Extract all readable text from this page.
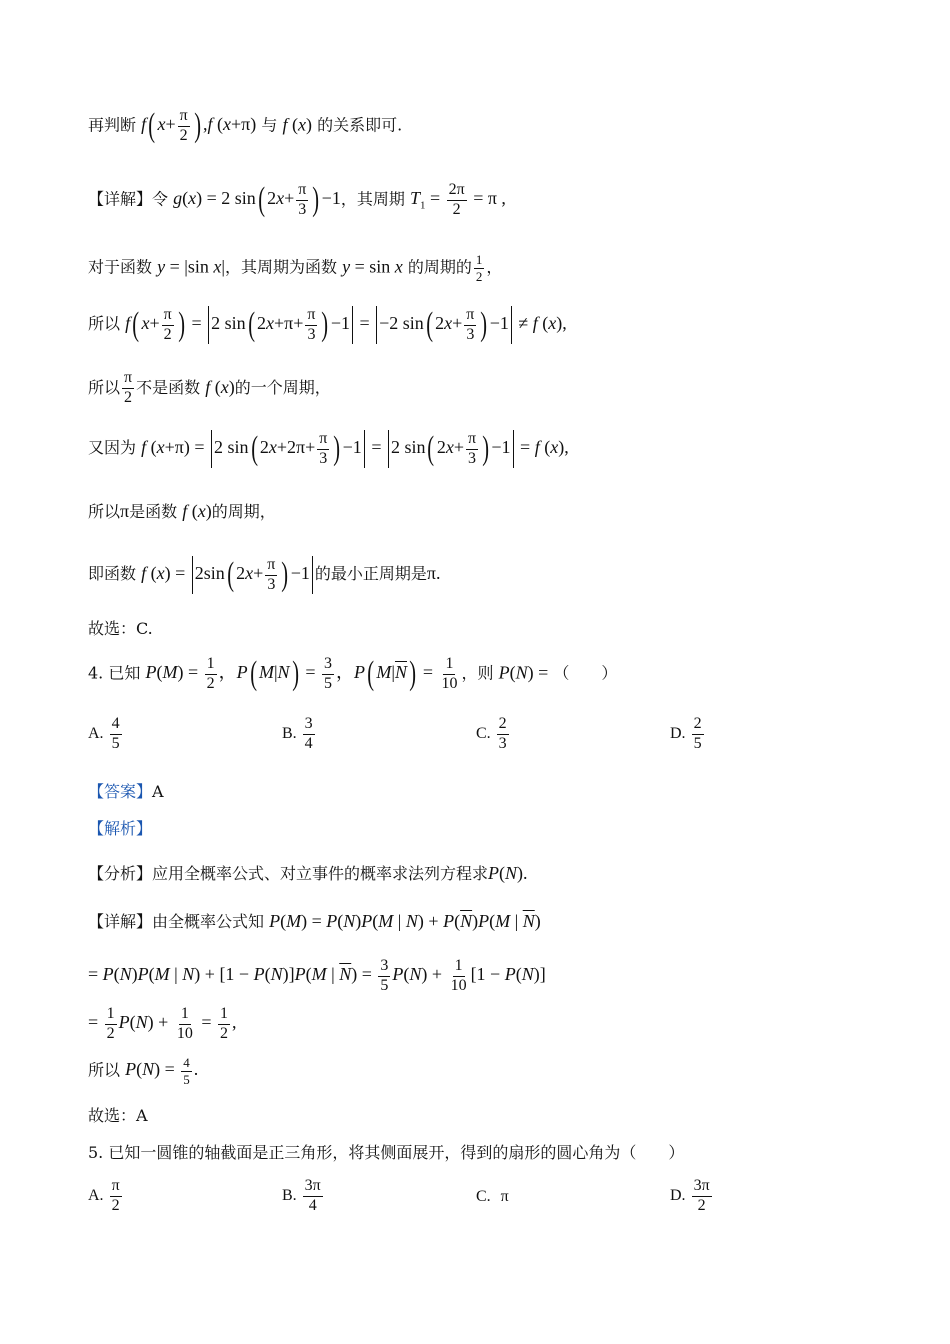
再判断 f( $x+ \frac{\pi}{2}$ ) ,f (x+π) 与 f (x) 的关系即可.
【详解】令 g(x) = 2 sin( $2x+ \frac{\pi}{3}$ ) −1，其周期 $T_1 = \frac{2\pi}{2} = \pi$ ,
对于函数 y = |sin x|，其周期为函数 y = sin x 的周期的 $\frac{1}{2}$ ，
所以 f( $x+ \frac{\pi}{2}$ ) = 2 sin( $2x+\pi+ \frac{\pi}{3}$ ) −1 = −2 sin( $2x+ \frac{\pi}{3}$ ) −1 ≠ f (x),
所以 $\frac{\pi}{2}$ 不是函数 f (x)的一个周期，
又因为 f (x+π) = 2 sin( $2x+2\pi+ \frac{\pi}{3}$ ) −1 = 2 sin( $2x+ \frac{\pi}{3}$ ) −1 = f (x),
所以π是函数 f (x)的周期，
即函数 f (x) = 2sin( $2x+ \frac{\pi}{3}$ ) −1 的最小正周期是π.
故选：C.
4. 已知 $P(M) = \frac{1}{2}$ ，P( $M|N) = \frac{3}{5}$ ，P( $M|\overline{N}) = \frac{1}{10}$ ，则 P(N) = （　　）
A. $\frac{4}{5}$	B. $\frac{3}{4}$	C. $\frac{2}{3}$	D. $\frac{2}{5}$
【答案】A
【解析】
【分析】应用全概率公式、对立事件的概率求法列方程求P(N).
【详解】由全概率公式知 P(M) = P(N)P(M | $N) + P(\overline{N})P(M$ | $\overline{N}$)
= P(N)P(M | N) + [1 − P(N)]P(M | $\overline{N}) = \frac{3}{5} P(N) + \frac{1}{10} [1 - P(N)]$
= $\frac{1}{2} P(N) + \frac{1}{10} = \frac{1}{2}$ ,
所以 $P(N) = \frac{4}{5}$ .
故选：A
5. 已知一圆锥的轴截面是正三角形，将其侧面展开，得到的扇形的圆心角为（　　）
A. $\frac{\pi}{2}$	B. $\frac{3\pi}{4}$	C. π	D. $\frac{3\pi}{2}$
